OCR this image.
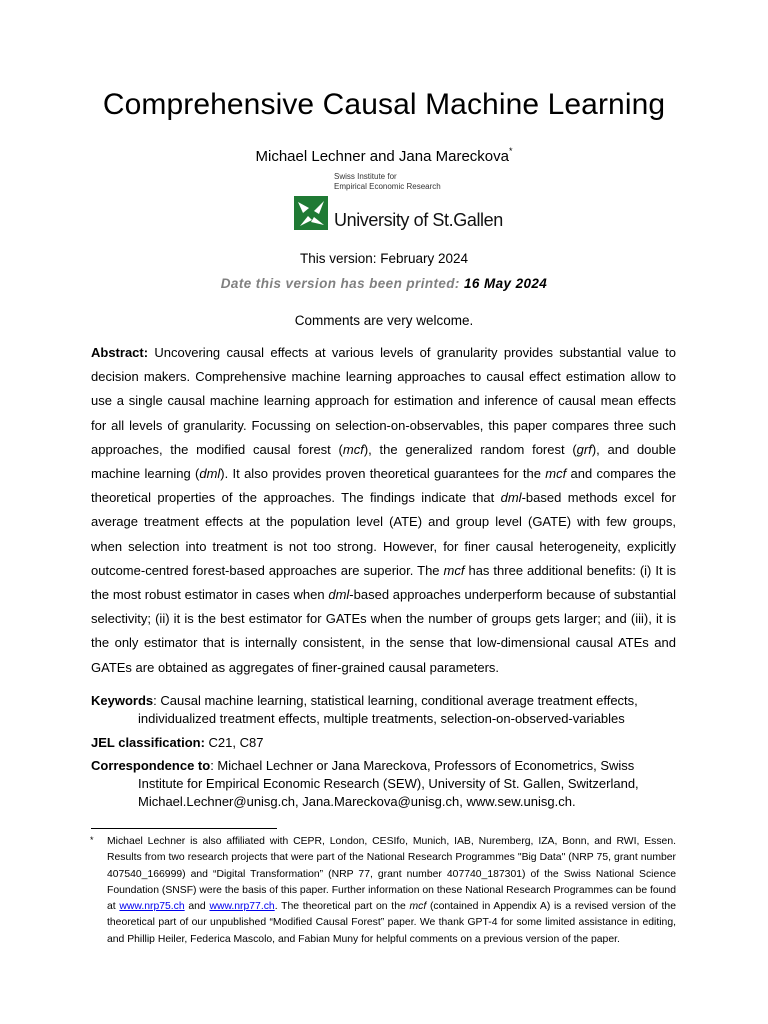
Comprehensive Causal Machine Learning
Michael Lechner and Jana Mareckova*
Swiss Institute for
Empirical Economic Research
University of St.Gallen
This version: February 2024
Date this version has been printed: 16 May 2024
Comments are very welcome.
Abstract: Uncovering causal effects at various levels of granularity provides substantial value to decision makers. Comprehensive machine learning approaches to causal effect estimation allow to use a single causal machine learning approach for estimation and inference of causal mean effects for all levels of granularity. Focussing on selection-on-observables, this paper compares three such approaches, the modified causal forest (mcf), the generalized random forest (grf), and double machine learning (dml). It also provides proven theoretical guarantees for the mcf and compares the theoretical properties of the approaches. The findings indicate that dml-based methods excel for average treatment effects at the population level (ATE) and group level (GATE) with few groups, when selection into treatment is not too strong. However, for finer causal heterogeneity, explicitly outcome-centred forest-based approaches are superior. The mcf has three additional benefits: (i) It is the most robust estimator in cases when dml-based approaches underperform because of substantial selectivity; (ii) it is the best estimator for GATEs when the number of groups gets larger; and (iii), it is the only estimator that is internally consistent, in the sense that low-dimensional causal ATEs and GATEs are obtained as aggregates of finer-grained causal parameters.
Keywords: Causal machine learning, statistical learning, conditional average treatment effects, individualized treatment effects, multiple treatments, selection-on-observed-variables
JEL classification: C21, C87
Correspondence to: Michael Lechner or Jana Mareckova, Professors of Econometrics, Swiss Institute for Empirical Economic Research (SEW), University of St. Gallen, Switzerland, Michael.Lechner@unisg.ch, Jana.Mareckova@unisg.ch, www.sew.unisg.ch.
*	Michael Lechner is also affiliated with CEPR, London, CESIfo, Munich, IAB, Nuremberg, IZA, Bonn, and RWI, Essen. Results from two research projects that were part of the National Research Programmes "Big Data" (NRP 75, grant number 407540_166999) and “Digital Transformation” (NRP 77, grant number 407740_187301) of the Swiss National Science Foundation (SNSF) were the basis of this paper. Further information on these National Research Programmes can be found at www.nrp75.ch and www.nrp77.ch. The theoretical part on the mcf (contained in Appendix A) is a revised version of the theoretical part of our unpublished “Modified Causal Forest” paper. We thank GPT-4 for some limited assistance in editing, and Phillip Heiler, Federica Mascolo, and Fabian Muny for helpful comments on a previous version of the paper.
